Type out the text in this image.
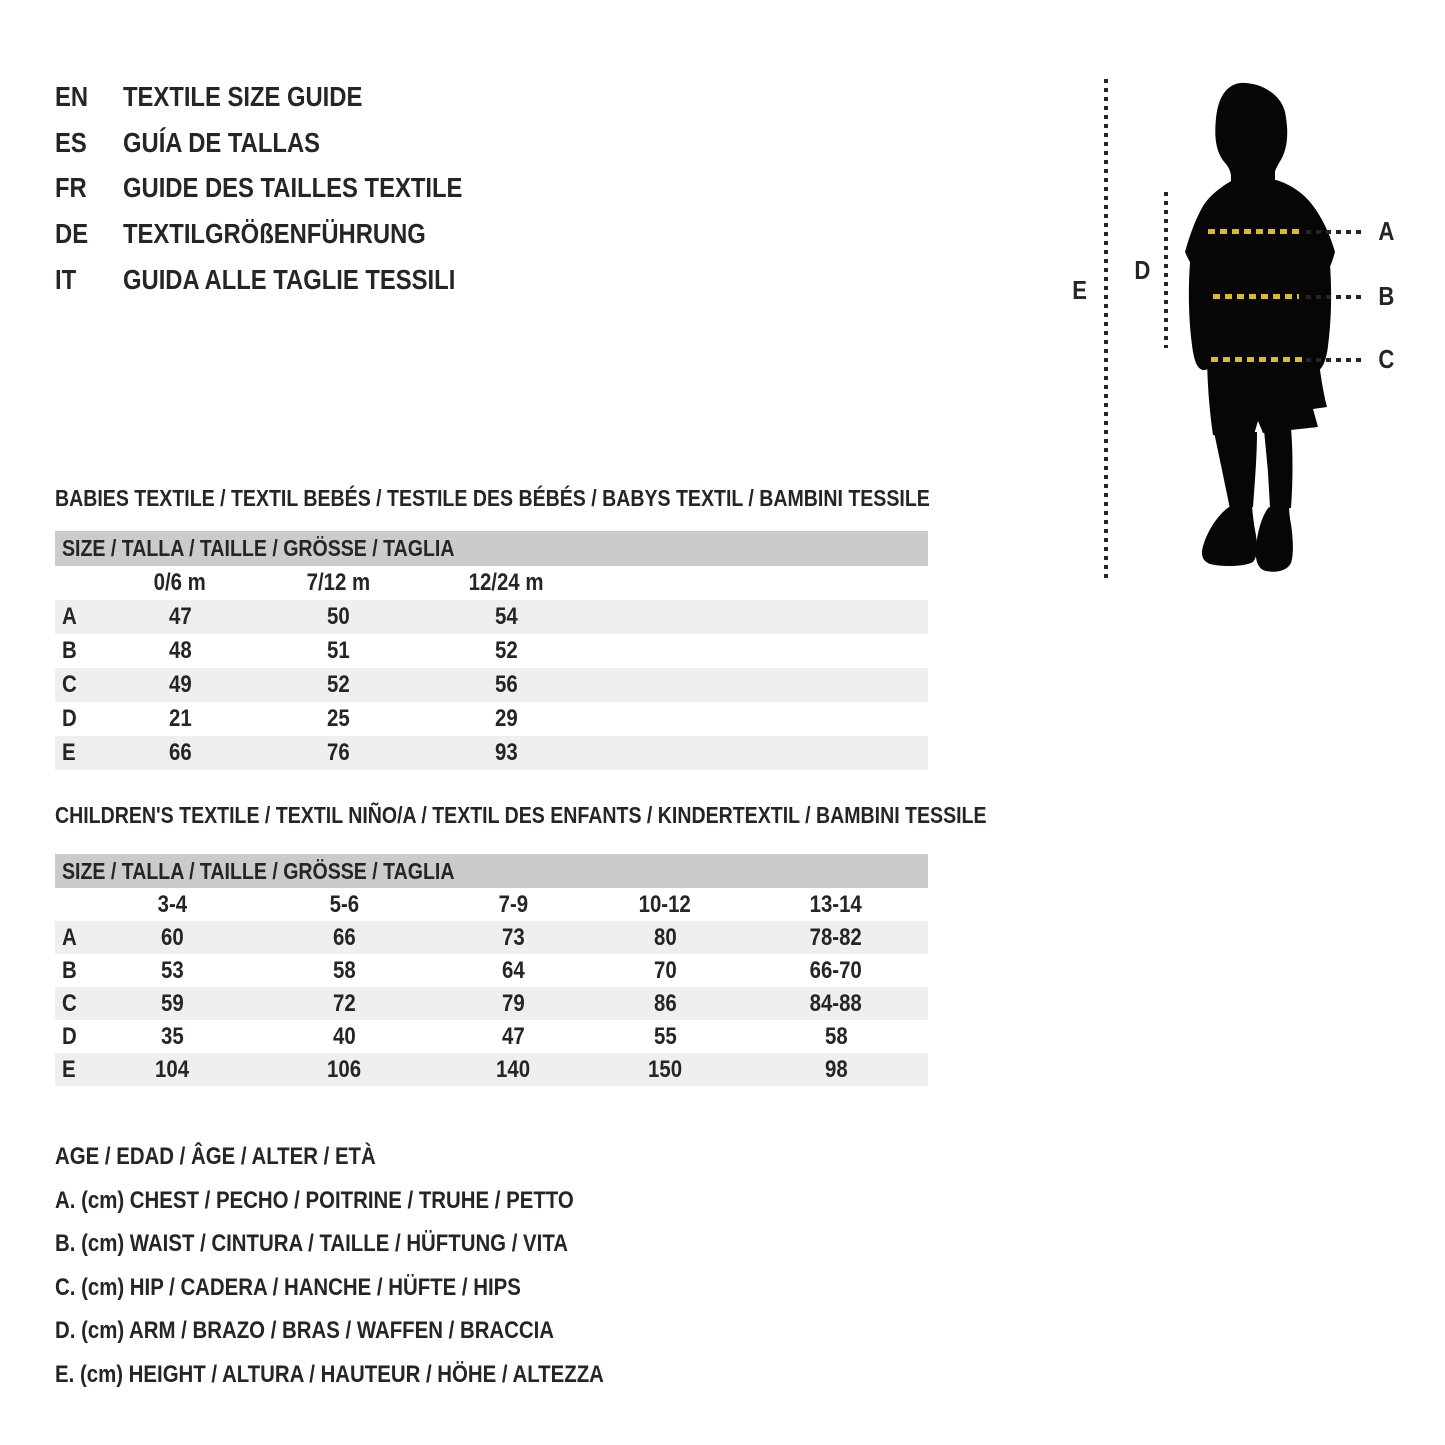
EN TEXTILE SIZE GUIDE
ES GUÍA DE TALLAS
FR GUIDE DES TAILLES TEXTILE
DE TEXTILGRÖßENFÜHRUNG
IT GUIDA ALLE TAGLIE TESSILI
A
B
C
D
E
BABIES TEXTILE / TEXTIL BEBÉS / TESTILE DES BÉBÉS / BABYS TEXTIL / BAMBINI TESSILE
SIZE / TALLA / TAILLE / GRÖSSE / TAGLIA
0/6 m	7/12 m	12/24 m
A	47	50	54
B	48	51	52
C	49	52	56
D	21	25	29
E	66	76	93
CHILDREN'S TEXTILE / TEXTIL NIÑO/A / TEXTIL DES ENFANTS / KINDERTEXTIL / BAMBINI TESSILE
SIZE / TALLA / TAILLE / GRÖSSE / TAGLIA
3-4	5-6	7-9	10-12	13-14
A	60	66	73	80	78-82
B	53	58	64	70	66-70
C	59	72	79	86	84-88
D	35	40	47	55	58
E	104	106	140	150	98
AGE / EDAD / ÂGE / ALTER / ETÀ
A. (cm) CHEST / PECHO / POITRINE / TRUHE / PETTO
B. (cm) WAIST / CINTURA / TAILLE / HÜFTUNG / VITA
C. (cm) HIP / CADERA / HANCHE / HÜFTE / HIPS
D. (cm) ARM / BRAZO / BRAS / WAFFEN / BRACCIA
E. (cm) HEIGHT / ALTURA / HAUTEUR / HÖHE / ALTEZZA
